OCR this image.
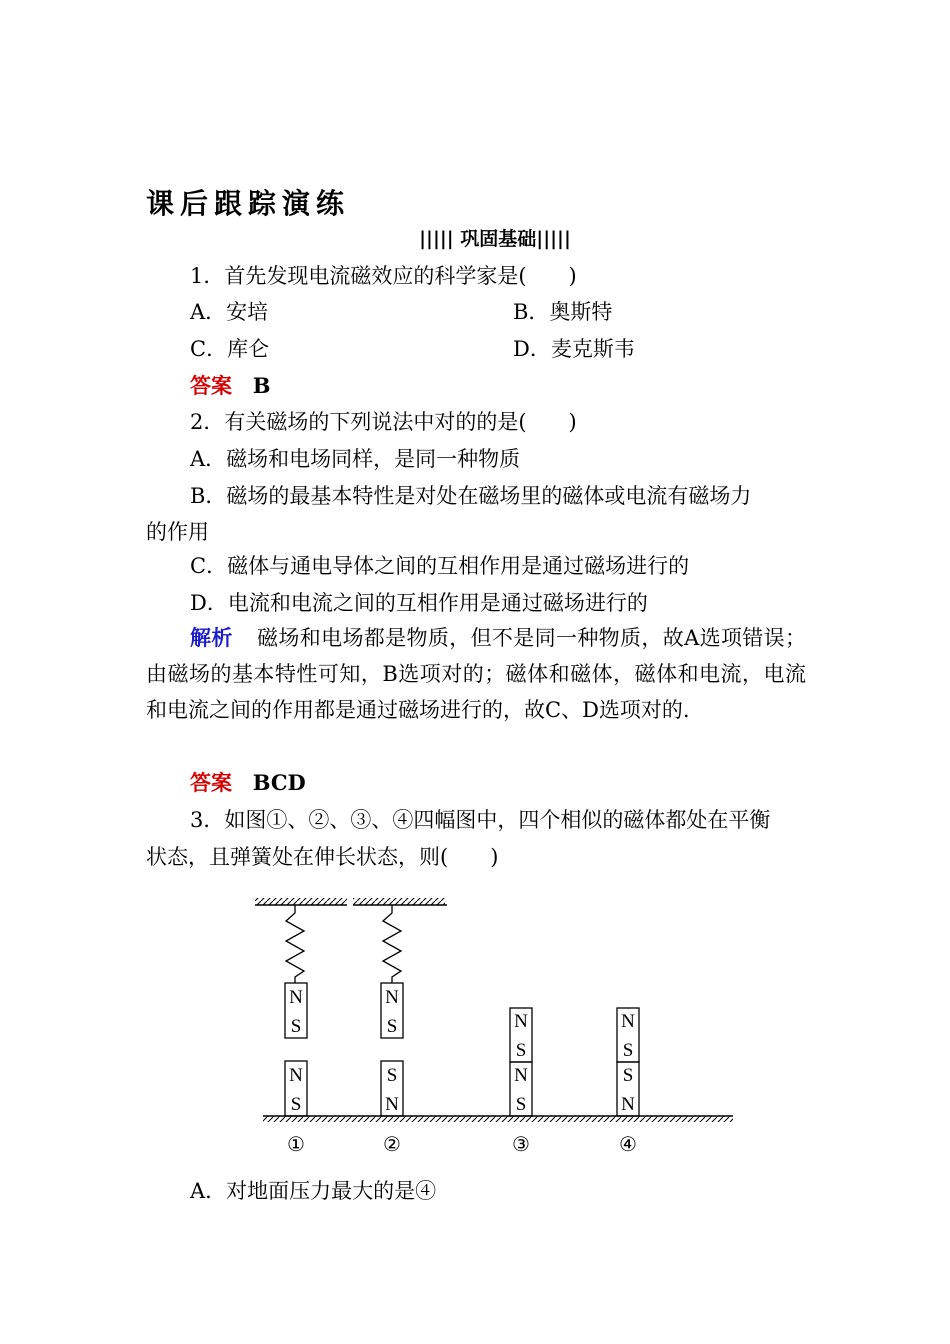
课后跟踪演练
||||| 巩固基础|||||
1．首先发现电流磁效应的科学家是(　　)
A．安培	B．奥斯特
C．库仑	D．麦克斯韦
答案 B
2．有关磁场的下列说法中对的的是(　　)
A．磁场和电场同样，是同一种物质
B．磁场的最基本特性是对处在磁场里的磁体或电流有磁场力
的作用
C．磁体与通电导体之间的互相作用是通过磁场进行的
D．电流和电流之间的互相作用是通过磁场进行的
解析 磁场和电场都是物质，但不是同一种物质，故A选项错误；由磁场的基本特性可知，B选项对的；磁体和磁体，磁体和电流，电流和电流之间的作用都是通过磁场进行的，故C、D选项对的.
答案 BCD
3．如图①、②、③、④四幅图中，四个相似的磁体都处在平衡
状态，且弹簧处在伸长状态，则(　　)
N
S
N
S
N
S
S
N
N
S
N
S
N
S
S
N
①	②	③	④
A．对地面压力最大的是④
